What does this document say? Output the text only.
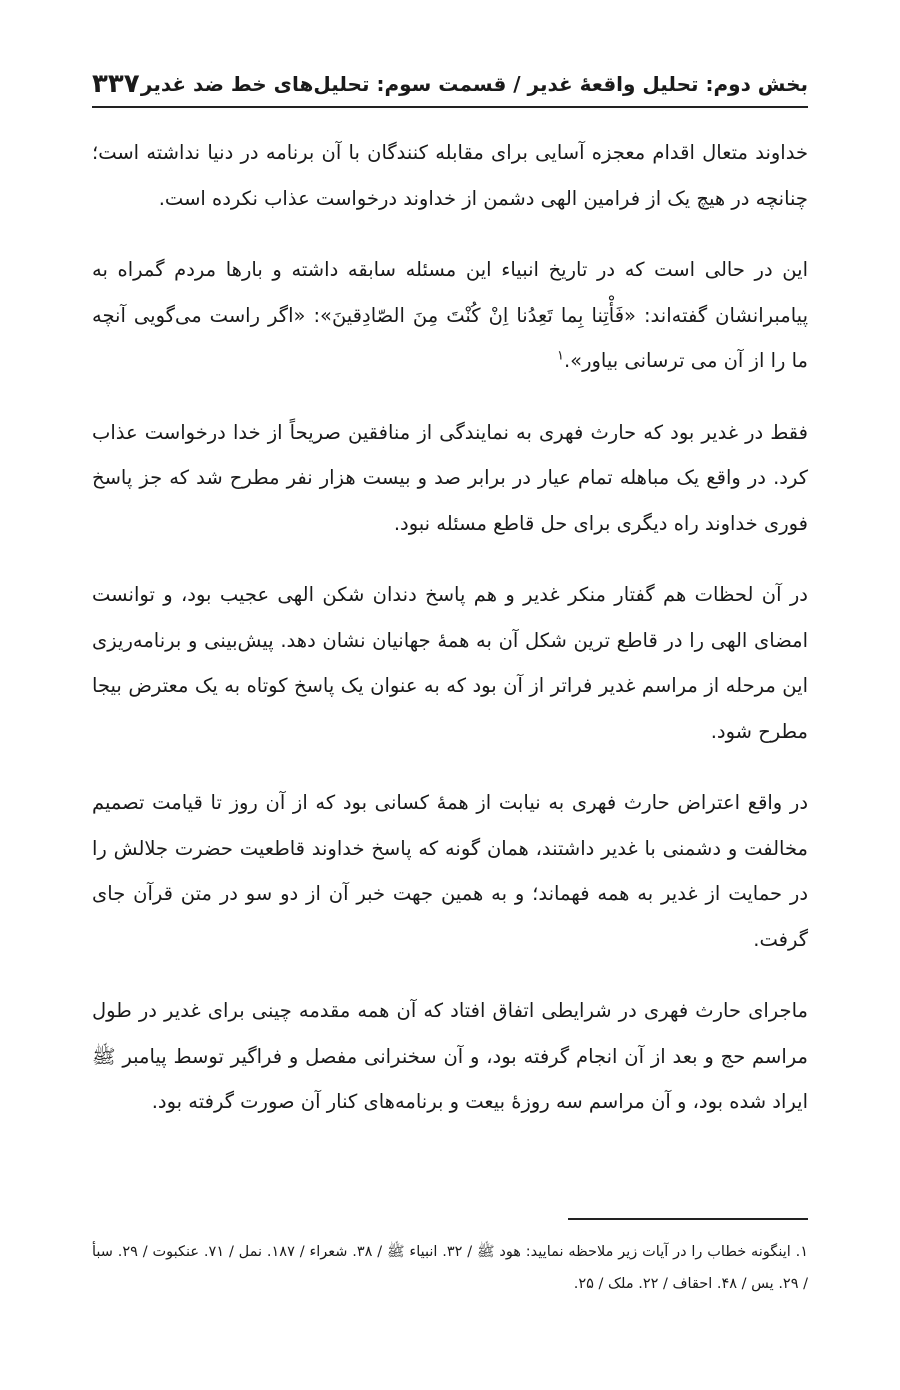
بخش دوم: تحلیل واقعهٔ غدیر / قسمت سوم: تحلیل‌های خط ضد غدیر
۳۳۷

خداوند متعال اقدام معجزه آسایی برای مقابله کنندگان با آن برنامه در دنیا نداشته است؛ چنانچه در هیچ یک از فرامین الهی دشمن از خداوند درخواست عذاب نکرده است.

این در حالی است که در تاریخ انبیاء این مسئله سابقه داشته و بارها مردم گمراه به پیامبرانشان گفته‌اند: «فَأْتِنا بِما تَعِدُنا اِنْ کُنْتَ مِنَ الصّادِقینَ»: «اگر راست می‌گویی آنچه ما را از آن می ترسانی بیاور».$^۱$

فقط در غدیر بود که حارث فهری به نمایندگی از منافقین صریحاً از خدا درخواست عذاب کرد. در واقع یک مباهله تمام عیار در برابر صد و بیست هزار نفر مطرح شد که جز پاسخ فوری خداوند راه دیگری برای حل قاطع مسئله نبود.

در آن لحظات هم گفتار منکر غدیر و هم پاسخ دندان شکن الهی عجیب بود، و توانست امضای الهی را در قاطع ترین شکل آن به همهٔ جهانیان نشان دهد. پیش‌بینی و برنامه‌ریزی این مرحله از مراسم غدیر فراتر از آن بود که به عنوان یک پاسخ کوتاه به یک معترض بیجا مطرح شود.

در واقع اعتراض حارث فهری به نیابت از همهٔ کسانی بود که از آن روز تا قیامت تصمیم مخالفت و دشمنی با غدیر داشتند، همان گونه که پاسخ خداوند قاطعیت حضرت جلالش را در حمایت از غدیر به همه فهماند؛ و به همین جهت خبر آن از دو سو در متن قرآن جای گرفت.

ماجرای حارث فهری در شرایطی اتفاق افتاد که آن همه مقدمه چینی برای غدیر در طول مراسم حج و بعد از آن انجام گرفته بود، و آن سخنرانی مفصل و فراگیر توسط پیامبر ﷺ ایراد شده بود، و آن مراسم سه روزهٔ بیعت و برنامه‌های کنار آن صورت گرفته بود.

۱. اینگونه خطاب را در آیات زیر ملاحظه نمایید: هود ﷺ / ۳۲. انبیاء ﷺ / ۳۸. شعراء / ۱۸۷. نمل / ۷۱. عنکبوت / ۲۹. سبأ / ۲۹. یس / ۴۸. احقاف / ۲۲. ملک / ۲۵.
